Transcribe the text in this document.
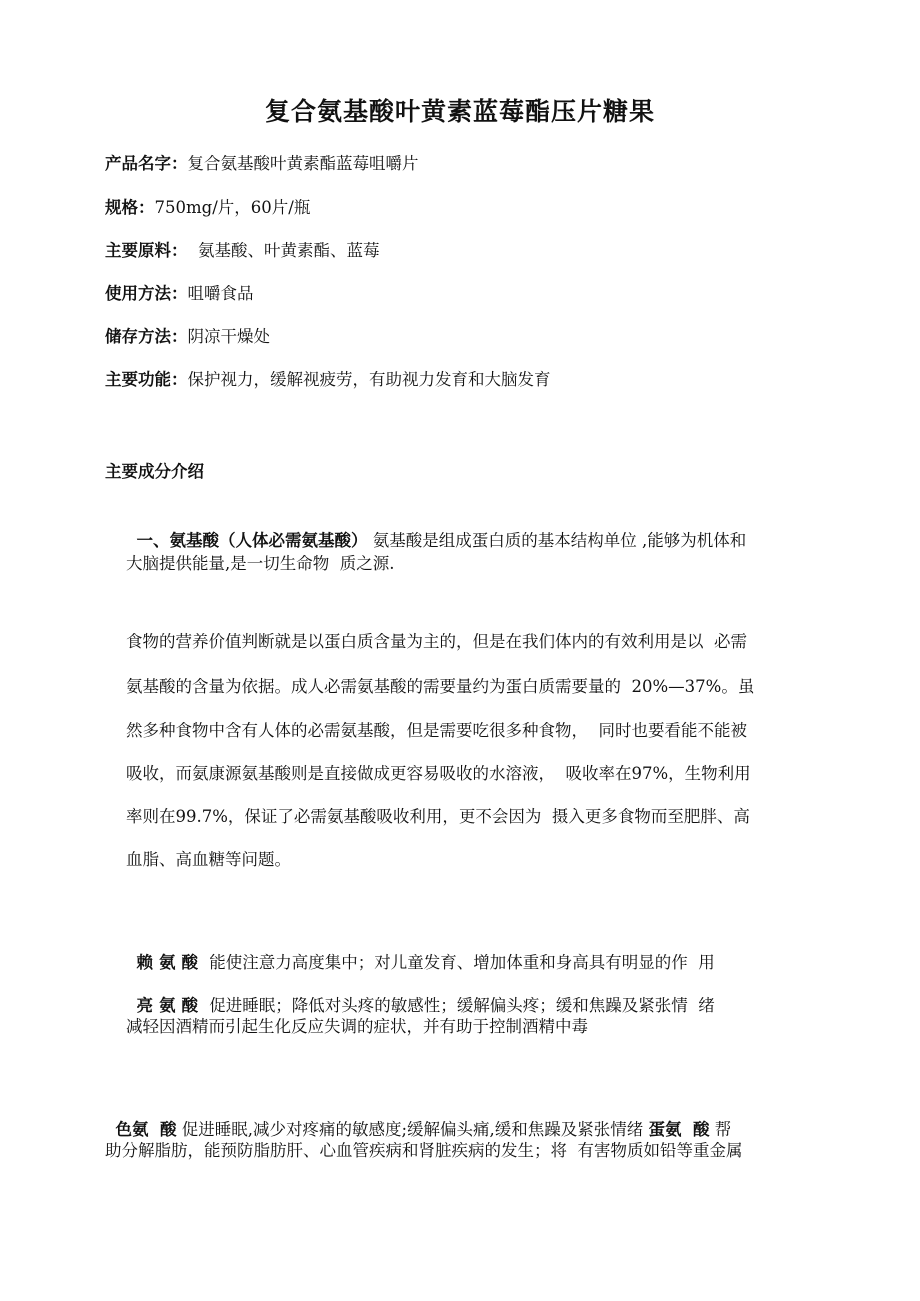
复合氨基酸叶黄素蓝莓酯压片糖果
产品名字：复合氨基酸叶黄素酯蓝莓咀嚼片
规格：750mg/片，60片/瓶
主要原料：  氨基酸、叶黄素酯、蓝莓
使用方法：咀嚼食品
储存方法：阴凉干燥处
主要功能：保护视力，缓解视疲劳，有助视力发育和大脑发育
主要成分介绍

一、氨基酸（人体必需氨基酸） 氨基酸是组成蛋白质的基本结构单位 ,能够为机体和

大脑提供能量,是一切生命物  质之源.
食物的营养价值判断就是以蛋白质含量为主的，但是在我们体内的有效利用是以  必需
氨基酸的含量为依据。成人必需氨基酸的需要量约为蛋白质需要量的  20%—37%。虽
然多种食物中含有人体的必需氨基酸，但是需要吃很多种食物，  同时也要看能不能被
吸收，而氨康源氨基酸则是直接做成更容易吸收的水溶液，  吸收率在97%，生物利用
率则在99.7%，保证了必需氨基酸吸收利用，更不会因为  摄入更多食物而至肥胖、高
血脂、高血糖等问题。

赖氨酸 能使注意力高度集中；对儿童发育、增加体重和身高具有明显的作  用

亮氨酸 促进睡眠；降低对头疼的敏感性；缓解偏头疼；缓和焦躁及紧张情  绪

减轻因酒精而引起生化反应失调的症状，并有助于控制酒精中毒

色氨  酸 促进睡眠,减少对疼痛的敏感度;缓解偏头痛,缓和焦躁及紧张情绪 蛋氨  酸 帮

助分解脂肪，能预防脂肪肝、心血管疾病和肾脏疾病的发生；将  有害物质如铅等重金属
